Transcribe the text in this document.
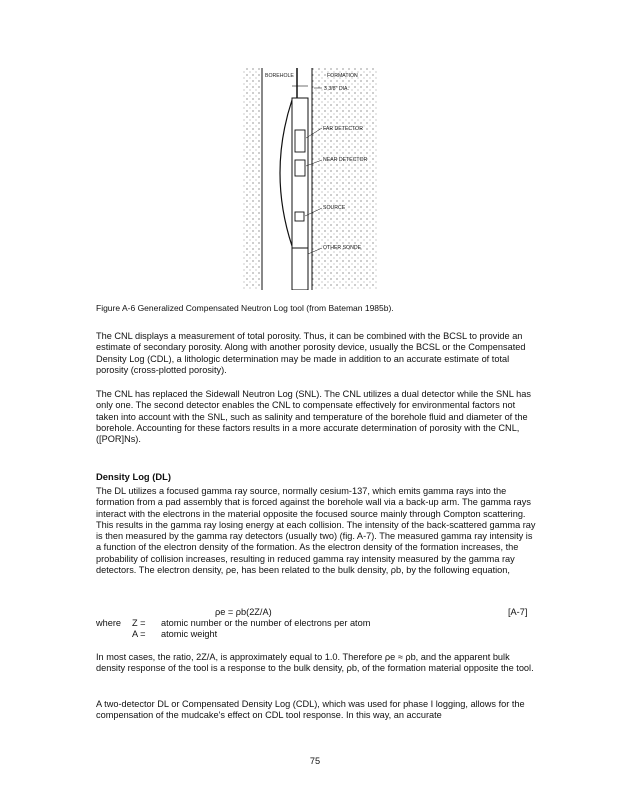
BOREHOLE	FORMATION
3 3/8" DIA.
FAR DETECTOR
NEAR DETECTOR
SOURCE
OTHER SONDE
Figure A-6 Generalized Compensated Neutron Log tool (from Bateman 1985b).

The CNL displays a measurement of total porosity. Thus, it can be combined with the BCSL to provide an estimate of secondary porosity. Along with another porosity device, usually the BCSL or the Compensated Density Log (CDL), a lithologic determination may be made in addition to an accurate estimate of total porosity (cross-plotted porosity).

The CNL has replaced the Sidewall Neutron Log (SNL). The CNL utilizes a dual detector while the SNL has only one. The second detector enables the CNL to compensate effectively for environmental factors not taken into account with the SNL, such as salinity and temperature of the borehole fluid and diameter of the borehole. Accounting for these factors results in a more accurate determination of porosity with the CNL, ([POR]Ns).

Density Log (DL)

The DL utilizes a focused gamma ray source, normally cesium-137, which emits gamma rays into the formation from a pad assembly that is forced against the borehole wall via a back-up arm. The gamma rays interact with the electrons in the material opposite the focused source mainly through Compton scattering. This results in the gamma ray losing energy at each collision. The intensity of the back-scattered gamma ray is then measured by the gamma ray detectors (usually two) (fig. A-7). The measured gamma ray intensity is a function of the electron density of the formation. As the electron density of the formation increases, the probability of collision increases, resulting in reduced gamma ray intensity measured by the gamma ray detectors. The electron density, ρe, has been related to the bulk density, ρb, by the following equation,

ρe = ρb(2Z/A)	[A-7]
where Z = atomic number or the number of electrons per atom
A = atomic weight

In most cases, the ratio, 2Z/A, is approximately equal to 1.0. Therefore ρe ≈ ρb, and the apparent bulk density response of the tool is a response to the bulk density, ρb, of the formation material opposite the tool.

A two-detector DL or Compensated Density Log (CDL), which was used for phase I logging, allows for the compensation of the mudcake's effect on CDL tool response. In this way, an accurate

75
